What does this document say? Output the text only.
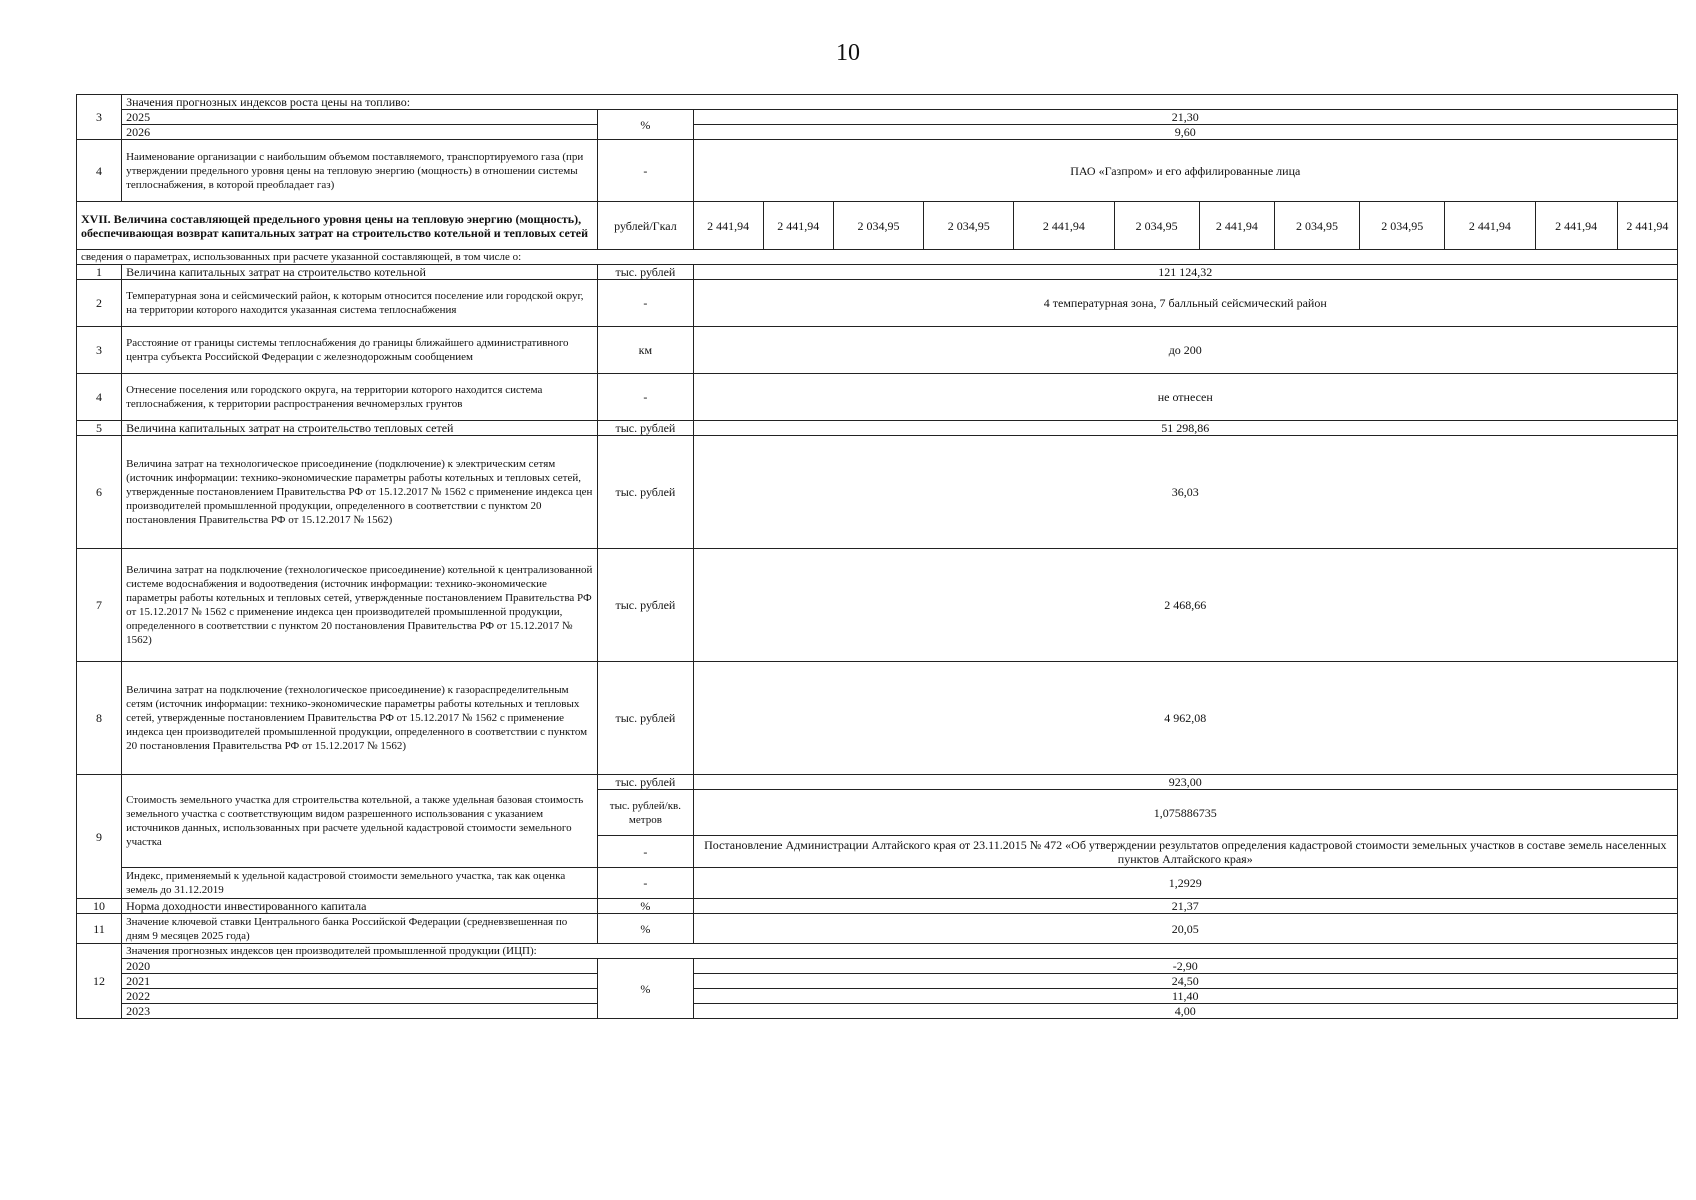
10
3	Значения прогнозных индексов роста цены на топливо:													
	2025	%	21,30											
	2026		9,60											
4	Наименование организации с наибольшим объемом поставляемого, транспортируемого газа (при утверждении предельного уровня цены на тепловую энергию (мощность) в отношении системы теплоснабжения, в которой преобладает газ)	-	ПАО «Газпром» и его аффилированные лица											
XVII. Величина составляющей предельного уровня цены на тепловую энергию (мощность), обеспечивающая возврат капитальных затрат на строительство котельной и тепловых сетей		рублей/Гкал	2 441,94	2 441,94	2 034,95	2 034,95	2 441,94	2 034,95	2 441,94	2 034,95	2 034,95	2 441,94	2 441,94	2 441,94
сведения о параметрах, использованных при расчете указанной составляющей, в том числе о:														
1	Величина капитальных затрат на строительство котельной	тыс. рублей	121 124,32											
2	Температурная зона и сейсмический район, к которым относится поселение или городской округ, на территории которого находится указанная система теплоснабжения	-	4 температурная зона, 7 балльный сейсмический район											
3	Расстояние от границы системы теплоснабжения до границы ближайшего административного центра субъекта Российской Федерации с железнодорожным сообщением	км	до 200											
4	Отнесение поселения или городского округа, на территории которого находится система теплоснабжения, к территории распространения вечномерзлых грунтов	-	не отнесен											
5	Величина капитальных затрат на строительство тепловых сетей	тыс. рублей	51 298,86											
6	Величина затрат на технологическое присоединение (подключение) к электрическим сетям (источник информации: технико-экономические параметры работы котельных и тепловых сетей, утвержденные постановлением Правительства РФ от 15.12.2017 № 1562 с применение индекса цен производителей промышленной продукции, определенного в соответствии с пунктом 20 постановления Правительства РФ от 15.12.2017 № 1562)	тыс. рублей	36,03											
7	Величина затрат на подключение (технологическое присоединение) котельной к централизованной системе водоснабжения и водоотведения (источник информации: технико-экономические параметры работы котельных и тепловых сетей, утвержденные постановлением Правительства РФ от 15.12.2017 № 1562 с применение индекса цен производителей промышленной продукции, определенного в соответствии с пунктом 20 постановления Правительства РФ от 15.12.2017 № 1562)	тыс. рублей	2 468,66											
8	Величина затрат на подключение (технологическое присоединение) к газораспределительным сетям (источник информации: технико-экономические параметры работы котельных и тепловых сетей, утвержденные постановлением Правительства РФ от 15.12.2017 № 1562 с применение индекса цен производителей промышленной продукции, определенного в соответствии с пунктом 20 постановления Правительства РФ от 15.12.2017 № 1562)	тыс. рублей	4 962,08											
9	Стоимость земельного участка для строительства котельной, а также удельная базовая стоимость земельного участка с соответствующим видом разрешенного использования с указанием источников данных, использованных при расчете удельной кадастровой стоимости земельного участка	тыс. рублей	923,00											
		тыс. рублей/кв. метров	1,075886735											
		-	Постановление Администрации Алтайского края от 23.11.2015 № 472 «Об утверждении результатов определения кадастровой стоимости земельных участков в составе земель населенных пунктов Алтайского края»											
	Индекс, применяемый к удельной кадастровой стоимости земельного участка, так как оценка земель до 31.12.2019	-	1,2929											
10	Норма доходности инвестированного капитала	%	21,37											
11	Значение ключевой ставки Центрального банка Российской Федерации (средневзвешенная по дням 9 месяцев 2025 года)	%	20,05											
12	Значения прогнозных индексов цен производителей промышленной продукции (ИЦП):													
	2020	%	-2,90											
	2021		24,50											
	2022		11,40											
	2023		4,00											
